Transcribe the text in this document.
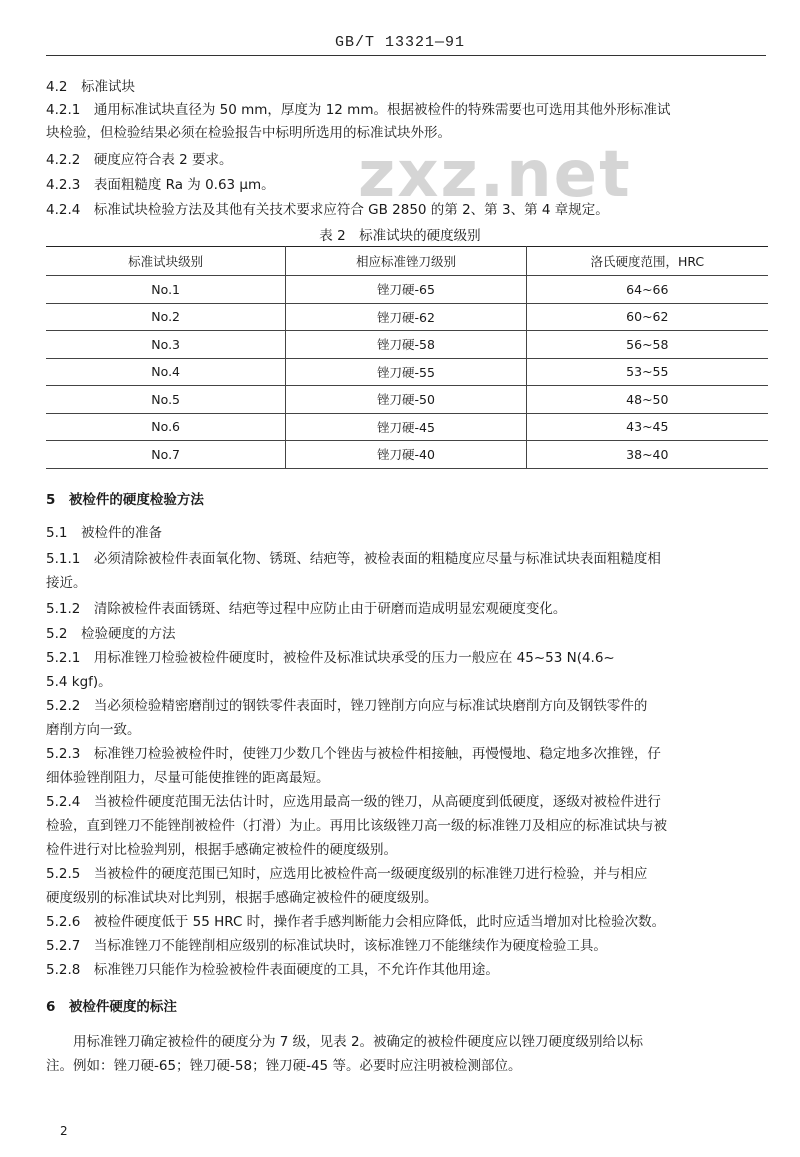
GB/T 13321—91
zxz.net
4.2　标准试块
4.2.1　通用标准试块直径为 50 mm，厚度为 12 mm。根据被检件的特殊需要也可选用其他外形标准试
块检验，但检验结果必须在检验报告中标明所选用的标准试块外形。
4.2.2　硬度应符合表 2 要求。
4.2.3　表面粗糙度 Ra 为 0.63 μm。
4.2.4　标准试块检验方法及其他有关技术要求应符合 GB 2850 的第 2、第 3、第 4 章规定。
表 2　标准试块的硬度级别
标准试块级别	相应标准锉刀级别	洛氏硬度范围，HRC
No.1	锉刀硬-65	64~66
No.2	锉刀硬-62	60~62
No.3	锉刀硬-58	56~58
No.4	锉刀硬-55	53~55
No.5	锉刀硬-50	48~50
No.6	锉刀硬-45	43~45
No.7	锉刀硬-40	38~40
5　被检件的硬度检验方法
5.1　被检件的准备
5.1.1　必须清除被检件表面氧化物、锈斑、结疤等，被检表面的粗糙度应尽量与标准试块表面粗糙度相
接近。
5.1.2　清除被检件表面锈斑、结疤等过程中应防止由于研磨而造成明显宏观硬度变化。
5.2　检验硬度的方法
5.2.1　用标准锉刀检验被检件硬度时，被检件及标准试块承受的压力一般应在 45~53 N(4.6~
5.4 kgf)。
5.2.2　当必须检验精密磨削过的钢铁零件表面时，锉刀锉削方向应与标准试块磨削方向及钢铁零件的
磨削方向一致。
5.2.3　标准锉刀检验被检件时，使锉刀少数几个锉齿与被检件相接触，再慢慢地、稳定地多次推锉，仔
细体验锉削阻力，尽量可能使推锉的距离最短。
5.2.4　当被检件硬度范围无法估计时，应选用最高一级的锉刀，从高硬度到低硬度，逐级对被检件进行
检验，直到锉刀不能锉削被检件（打滑）为止。再用比该级锉刀高一级的标准锉刀及相应的标准试块与被
检件进行对比检验判别，根据手感确定被检件的硬度级别。
5.2.5　当被检件的硬度范围已知时，应选用比被检件高一级硬度级别的标准锉刀进行检验，并与相应
硬度级别的标准试块对比判别，根据手感确定被检件的硬度级别。
5.2.6　被检件硬度低于 55 HRC 时，操作者手感判断能力会相应降低，此时应适当增加对比检验次数。
5.2.7　当标准锉刀不能锉削相应级别的标准试块时，该标准锉刀不能继续作为硬度检验工具。
5.2.8　标准锉刀只能作为检验被检件表面硬度的工具，不允许作其他用途。
6　被检件硬度的标注
　　用标准锉刀确定被检件的硬度分为 7 级，见表 2。被确定的被检件硬度应以锉刀硬度级别给以标
注。例如：锉刀硬-65；锉刀硬-58；锉刀硬-45 等。必要时应注明被检测部位。
2
